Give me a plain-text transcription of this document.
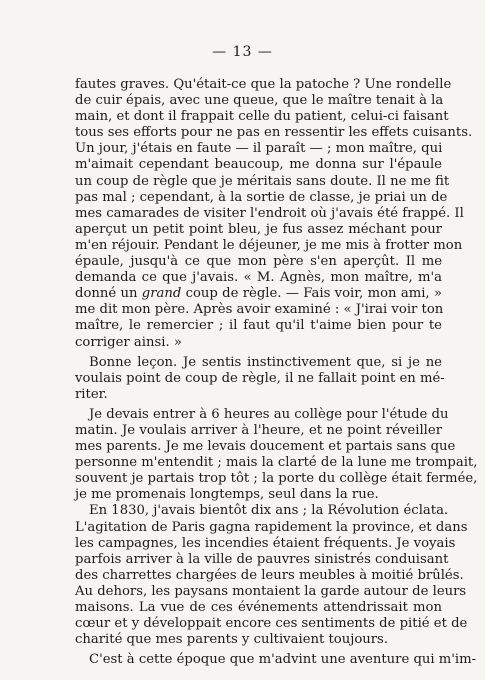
— 13 —
fautes graves. Qu'était-ce que la patoche ? Une rondelle
de cuir épais, avec une queue, que le maître tenait à la
main, et dont il frappait celle du patient, celui-ci faisant
tous ses efforts pour ne pas en ressentir les effets cuisants.
Un jour, j'étais en faute — il paraît — ; mon maître, qui
m'aimait cependant beaucoup, me donna sur l'épaule
un coup de règle que je méritais sans doute. Il ne me fit
pas mal ; cependant, à la sortie de classe, je priai un de
mes camarades de visiter l'endroit où j'avais été frappé. Il
aperçut un petit point bleu, je fus assez méchant pour
m'en réjouir. Pendant le déjeuner, je me mis à frotter mon
épaule, jusqu'à ce que mon père s'en aperçût. Il me
demanda ce que j'avais. « M. Agnès, mon maître, m'a
donné un grand coup de règle. — Fais voir, mon ami, »
me dit mon père. Après avoir examiné : « J'irai voir ton
maître, le remercier ; il faut qu'il t'aime bien pour te
corriger ainsi. »
Bonne leçon. Je sentis instinctivement que, si je ne
voulais point de coup de règle, il ne fallait point en mé-
riter.
Je devais entrer à 6 heures au collège pour l'étude du
matin. Je voulais arriver à l'heure, et ne point réveiller
mes parents. Je me levais doucement et partais sans que
personne m'entendit ; mais la clarté de la lune me trompait,
souvent je partais trop tôt ; la porte du collège était fermée,
je me promenais longtemps, seul dans la rue.
En 1830, j'avais bientôt dix ans ; la Révolution éclata.
L'agitation de Paris gagna rapidement la province, et dans
les campagnes, les incendies étaient fréquents. Je voyais
parfois arriver à la ville de pauvres sinistrés conduisant
des charrettes chargées de leurs meubles à moitié brûlés.
Au dehors, les paysans montaient la garde autour de leurs
maisons. La vue de ces événements attendrissait mon
cœur et y développait encore ces sentiments de pitié et de
charité que mes parents y cultivaient toujours.
C'est à cette époque que m'advint une aventure qui m'im-
